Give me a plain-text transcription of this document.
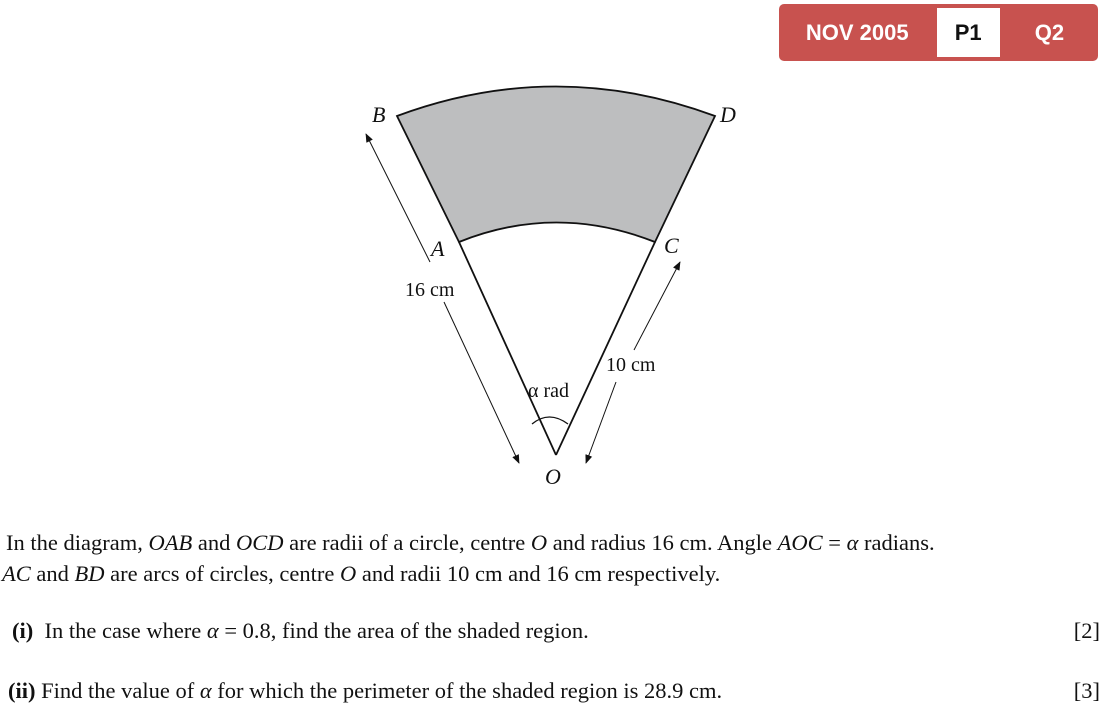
NOV 2005	P1	Q2
B	D
A	C
O
16 cm
10 cm
α rad
In the diagram, OAB and OCD are radii of a circle, centre O and radius 16 cm. Angle AOC = α radians.
AC and BD are arcs of circles, centre O and radii 10 cm and 16 cm respectively.
(i)  In the case where α = 0.8, find the area of the shaded region.	[2]
(ii) Find the value of α for which the perimeter of the shaded region is 28.9 cm.	[3]
